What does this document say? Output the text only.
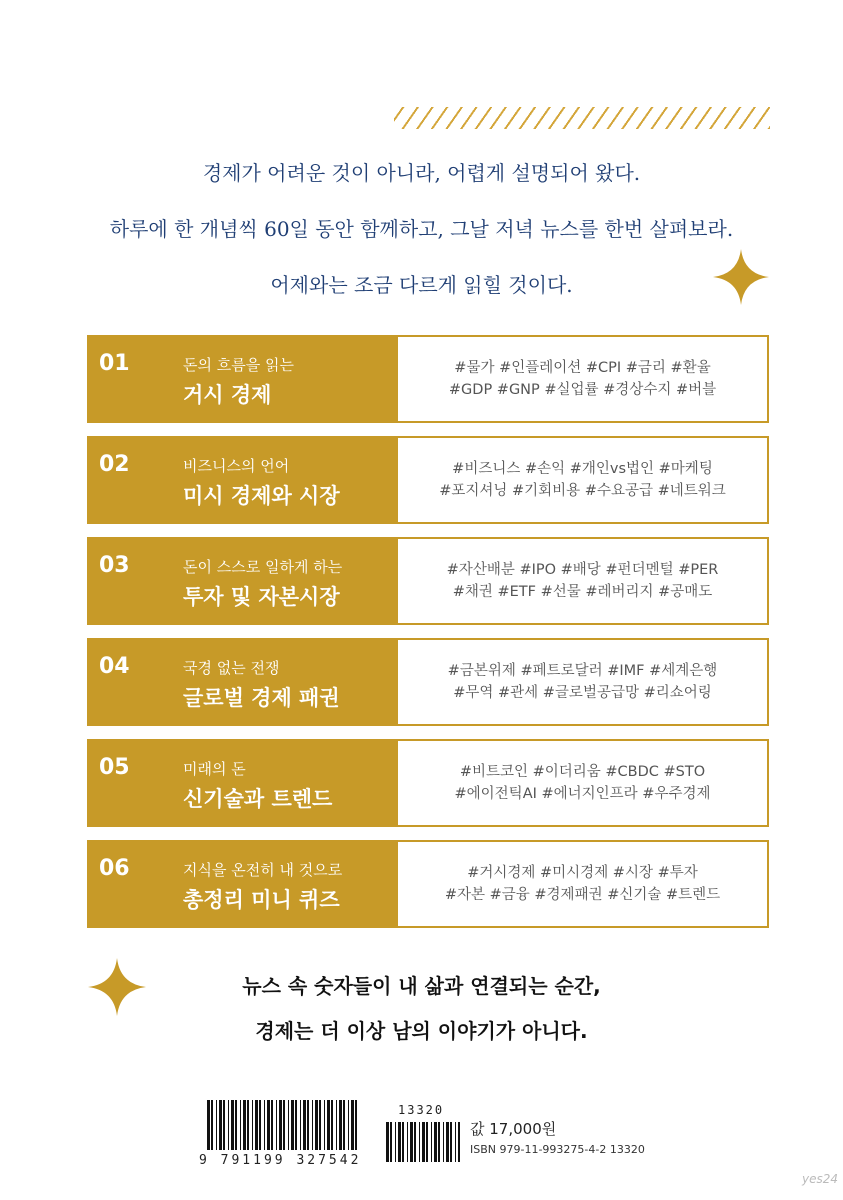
경제가 어려운 것이 아니라, 어렵게 설명되어 왔다.

하루에 한 개념씩 60일 동안 함께하고, 그날 저녁 뉴스를 한번 살펴보라.

어제와는 조금 다르게 읽힐 것이다.

01	돈의 흐름을 읽는
거시 경제
#물가 #인플레이션 #CPI #금리 #환율
#GDP #GNP #실업률 #경상수지 #버블
02	비즈니스의 언어
미시 경제와 시장
#비즈니스 #손익 #개인vs법인 #마케팅
#포지셔닝 #기회비용 #수요공급 #네트워크
03	돈이 스스로 일하게 하는
투자 및 자본시장
#자산배분 #IPO #배당 #펀더멘털 #PER
#채권 #ETF #선물 #레버리지 #공매도
04	국경 없는 전쟁
글로벌 경제 패권
#금본위제 #페트로달러 #IMF #세계은행
#무역 #관세 #글로벌공급망 #리쇼어링
05	미래의 돈
신기술과 트렌드
#비트코인 #이더리움 #CBDC #STO
#에이전틱AI #에너지인프라 #우주경제
06	지식을 온전히 내 것으로
총정리 미니 퀴즈
#거시경제 #미시경제 #시장 #투자
#자본 #금융 #경제패권 #신기술 #트렌드

뉴스 속 숫자들이 내 삶과 연결되는 순간,

경제는 더 이상 남의 이야기가 아니다.

9 791199 327542
13320
값 17,000원
ISBN 979-11-993275-4-2 13320
yes24
